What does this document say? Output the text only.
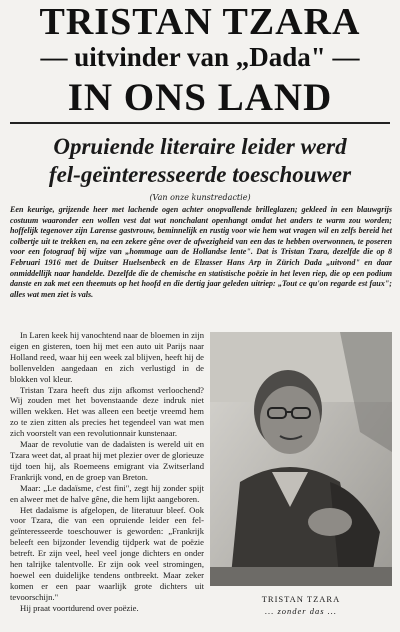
TRISTAN TZARA
— uitvinder van „Dada" —
IN ONS LAND
Opruiende literaire leider werd
fel-geïnteresseerde toeschouwer
(Van onze kunstredactie)
Een keurige, grijzende heer met lachende ogen achter onopvallende brilleglazen; gekleed in een blauwgrijs costuum waaronder een wollen vest dat wat nonchalant openhangt omdat het anders te warm zou worden; hoffelijk tegenover zijn Larense gastvrouw, beminnelijk en rustig voor wie hem wat vragen wil en zelfs bereid het colbertje uit te trekken en, na een zekere gêne over de afwezigheid van een das te hebben overwonnen, te poseren voor een fotograaf bij wijze van „hommage aan de Hollandse lente". Dat is Tristan Tzara, dezelfde die op 8 Februari 1916 met de Duitser Huelsenbeck en de Elzasser Hans Arp in Zürich Dada „uitvond" en daar onmiddellijk naar handelde. Dezelfde die de chemische en statistische poëzie in het leven riep, die op een podium danste en zak met een theemuts op het hoofd en die dertig jaar geleden uitriep: „Tout ce qu'on regarde est faux"; alles wat men ziet is vals.

In Laren keek hij vanochtend naar de bloemen in zijn eigen en gisteren, toen hij met een auto uit Parijs naar Holland reed, waar hij een week zal blijven, heeft hij de bollenvelden aangedaan en zich verlustigd in de blokken vol kleur.

Tristan Tzara heeft dus zijn afkomst verloochend? Wij zouden met het bovenstaande deze indruk niet willen wekken. Het was alleen een beetje vreemd hem zo te zien zitten als precies het tegendeel van wat men zich voorstelt van een revolutionnair kunstenaar.

Maar de revolutie van de dadaïsten is wereld uit en Tzara weet dat, al praat hij met plezier over de glorieuze tijd toen hij, als Roemeens emigrant via Zwitserland Frankrijk vond, en de groep van Breton.

Maar: „Le dadaïsme, c'est fini", zegt hij zonder spijt en alweer met de halve gêne, die hem lijkt aangeboren.

Het dadaïsme is afgelopen, de literatuur bleef. Ook voor Tzara, die van een opruiende leider een fel-geïnteresseerde toeschouwer is geworden: „Frankrijk beleeft een bijzonder levendig tijdperk wat de poëzie betreft. Er zijn veel, heel veel jonge dichters en onder hen talrijke talentvolle. Er zijn ook veel stromingen, hoewel een duidelijke tendens ontbreekt. Maar zeker komen er een paar waarlijk grote dichters uit tevoorschijn."

Hij praat voortdurend over poëzie.

TRISTAN TZARA
... zonder das ...
